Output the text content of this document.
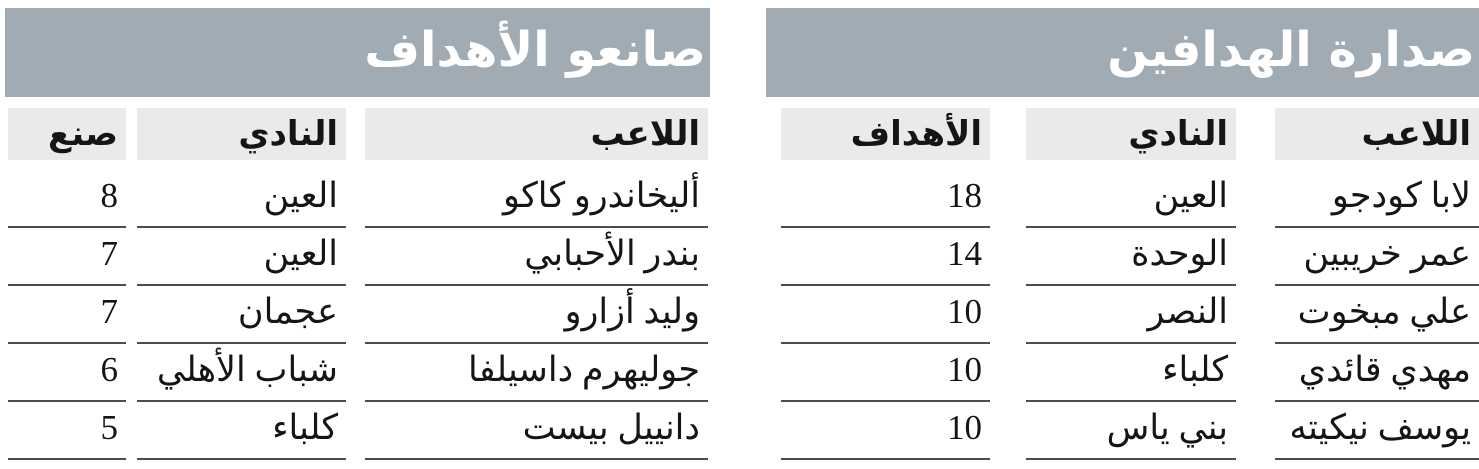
صدارة الهدافين
اللاعب
النادي
الأهداف
لابا كودجو
العين
18
عمر خريبين
الوحدة
14
علي مبخوت
النصر
10
مهدي قائدي
كلباء
10
يوسف نيكيته
بني ياس
10
صانعو الأهداف
اللاعب
النادي
صنع
أليخاندرو كاكو
العين
8
بندر الأحبابي
العين
7
وليد أزارو
عجمان
7
جوليهرم داسيلفا
شباب الأهلي
6
دانييل بيست
كلباء
5
